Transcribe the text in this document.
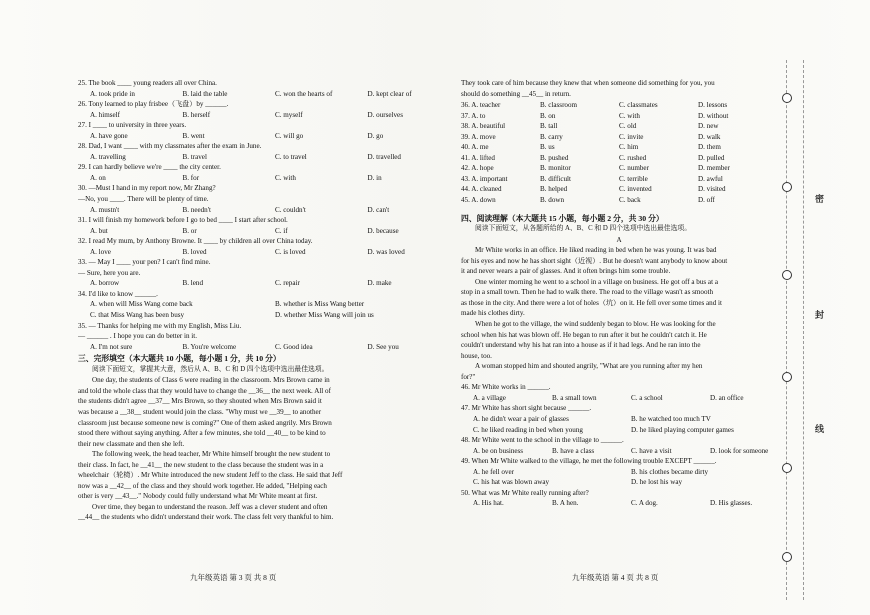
25. The book ____ young readers all over China.
A. took pride in	B. laid the table	C. won the hearts of	D. kept clear of
26. Tony learned to play frisbee（飞盘）by ______.
A. himself	B. herself	C. myself	D. ourselves
27. I ____ to university in three years.
A. have gone	B. went	C. will go	D. go
28. Dad, I want ____ with my classmates after the exam in June.
A. travelling	B. travel	C. to travel	D. travelled
29. I can hardly believe we're ____ the city center.
A. on	B. for	C. with	D. in
30. —Must I hand in my report now, Mr Zhang?
—No, you ____. There will be plenty of time.
A. mustn't	B. needn't	C. couldn't	D. can't
31. I will finish my homework before I go to bed ____ I start after school.
A. but	B. or	C. if	D. because
32. I read My mum, by Anthony Browne. It ____ by children all over China today.
A. love	B. loved	C. is loved	D. was loved
33. — May I ____ your pen? I can't find mine.
— Sure, here you are.
A. borrow	B. lend	C. repair	D. make
34. I'd like to know ______.
A. when will Miss Wang come back	B. whether is Miss Wang better
C. that Miss Wang has been busy	D. whether Miss Wang will join us
35. — Thanks for helping me with my English, Miss Liu.
— ______ . I hope you can do better in it.
A. I'm not sure	B. You're welcome	C. Good idea	D. See you
三、完形填空（本大题共 10 小题，每小题 1 分，共 10 分）
阅读下面短文，掌握其大意，然后从 A、B、C 和 D 四个选项中选出最佳选项。
One day, the students of Class 6 were reading in the classroom. Mrs Brown came in
and told the whole class that they would have to change the __36__ the next week. All of
the students didn't agree __37__ Mrs Brown, so they shouted when Mrs Brown said it
was because a __38__ student would join the class. "Why must we __39__ to another
classroom just because someone new is coming?" One of them asked angrily. Mrs Brown
stood there without saying anything. After a few minutes, she told __40__ to be kind to
their new classmate and then she left.
The following week, the head teacher, Mr White himself brought the new student to
their class. In fact, he __41__ the new student to the class because the student was in a
wheelchair（轮椅）. Mr White introduced the new student Jeff to the class. He said that Jeff
now was a __42__ of the class and they should work together. He added, "Helping each
other is very __43__." Nobody could fully understand what Mr White meant at first.
Over time, they began to understand the reason. Jeff was a clever student and often
__44__ the students who didn't understand their work. The class felt very thankful to him.
九年级英语 第 3 页 共 8 页
They took care of him because they knew that when someone did something for you, you
should do something __45__ in return.
36. A. teacher	B. classroom	C. classmates	D. lessons
37. A. to	B. on	C. with	D. without
38. A. beautiful	B. tall	C. old	D. new
39. A. move	B. carry	C. invite	D. walk
40. A. me	B. us	C. him	D. them
41. A. lifted	B. pushed	C. rushed	D. pulled
42. A. hope	B. monitor	C. number	D. member
43. A. important	B. difficult	C. terrible	D. awful
44. A. cleaned	B. helped	C. invented	D. visited
45. A. down	B. down	C. back	D. off
四、阅读理解（本大题共 15 小题，每小题 2 分，共 30 分）
阅读下面短文，从各题所给的 A、B、C 和 D 四个选项中选出最佳选项。
A
Mr White works in an office. He liked reading in bed when he was young. It was bad
for his eyes and now he has short sight（近视）. But he doesn't want anybody to know about
it and never wears a pair of glasses. And it often brings him some trouble.
One winter morning he went to a school in a village on business. He got off a bus at a
stop in a small town. Then he had to walk there. The road to the village wasn't as smooth
as those in the city. And there were a lot of holes（坑）on it. He fell over some times and it
made his clothes dirty.
When he got to the village, the wind suddenly began to blow. He was looking for the
school when his hat was blown off. He began to run after it but he couldn't catch it. He
couldn't understand why his hat ran into a house as if it had legs. And he ran into the
house, too.
A woman stopped him and shouted angrily, "What are you running after my hen
for?"
46. Mr White works in ______.
A. a village	B. a small town	C. a school	D. an office
47. Mr White has short sight because ______.
A. he didn't wear a pair of glasses	B. he watched too much TV
C. he liked reading in bed when young	D. he liked playing computer games
48. Mr White went to the school in the village to ______.
A. be on business	B. have a class	C. have a visit	D. look for someone
49. When Mr White walked to the village, he met the following trouble EXCEPT ______.
A. he fell over	B. his clothes became dirty
C. his hat was blown away	D. he lost his way
50. What was Mr White really running after?
A. His hat.	B. A hen.	C. A dog.	D. His glasses.
九年级英语 第 4 页 共 8 页
密
封
线
